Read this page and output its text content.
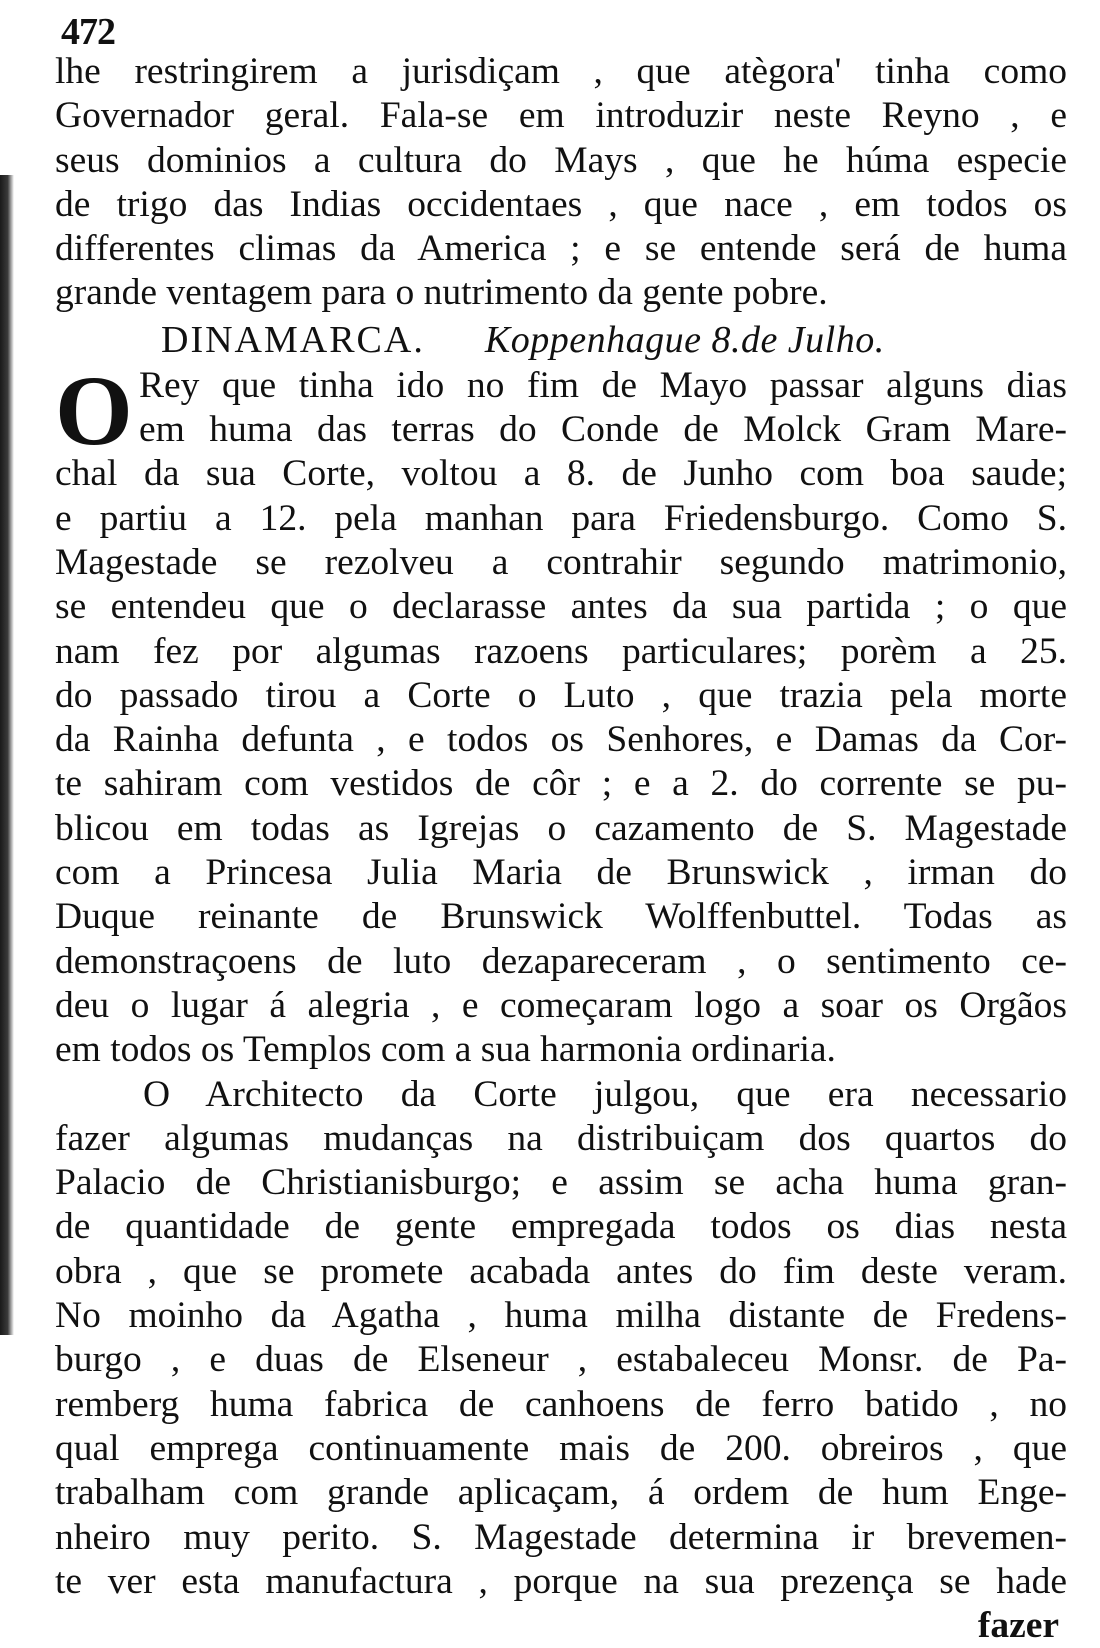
472
lhe restringirem a jurisdiçam , que atègora' tinha como
Governador geral. Fala-se em introduzir neste Reyno , e
seus dominios a cultura do Mays , que he húma especie
de trigo das Indias occidentaes , que nace , em todos os
differentes climas da America ; e se entende será de huma
grande ventagem para o nutrimento da gente pobre.
DINAMARCA. Koppenhague 8.de Julho.
O Rey que tinha ido no fim de Mayo passar alguns dias
em huma das terras do Conde de Molck Gram Mare-
chal da sua Corte, voltou a 8. de Junho com boa saude;
e partiu a 12. pela manhan para Friedensburgo. Como S.
Magestade se rezolveu a contrahir segundo matrimonio,
se entendeu que o declarasse antes da sua partida ; o que
nam fez por algumas razoens particulares; porèm a 25.
do passado tirou a Corte o Luto , que trazia pela morte
da Rainha defunta , e todos os Senhores, e Damas da Cor-
te sahiram com vestidos de côr ; e a 2. do corrente se pu-
blicou em todas as Igrejas o cazamento de S. Magestade
com a Princesa Julia Maria de Brunswick , irman do
Duque reinante de Brunswick Wolffenbuttel. Todas as
demonstraçoens de luto dezapareceram , o sentimento ce-
deu o lugar á alegria , e começaram logo a soar os Orgãos
em todos os Templos com a sua harmonia ordinaria.
O Architecto da Corte julgou, que era necessario
fazer algumas mudanças na distribuiçam dos quartos do
Palacio de Christianisburgo; e assim se acha huma gran-
de quantidade de gente empregada todos os dias nesta
obra , que se promete acabada antes do fim deste veram.
No moinho da Agatha , huma milha distante de Fredens-
burgo , e duas de Elseneur , estabaleceu Monsr. de Pa-
remberg huma fabrica de canhoens de ferro batido , no
qual emprega continuamente mais de 200. obreiros , que
trabalham com grande aplicaçam, á ordem de hum Enge-
nheiro muy perito. S. Magestade determina ir brevemen-
te ver esta manufactura , porque na sua prezença se hade
fazer
